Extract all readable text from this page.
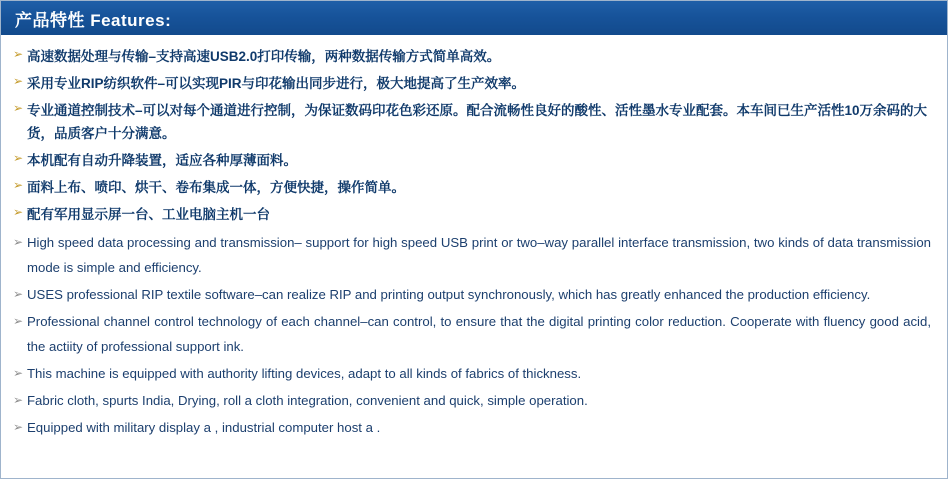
产品特性 Features:
➢ 高速数据处理与传输–支持高速USB2.0打印传输，两种数据传输方式简单高效。
➢ 采用专业RIP纺织软件–可以实现PIR与印花输出同步进行，极大地提高了生产效率。
➢ 专业通道控制技术–可以对每个通道进行控制，为保证数码印花色彩还原。配合流畅性良好的酸性、活性墨水专业配套。本车间已生产活性10万余码的大货，品质客户十分满意。
➢ 本机配有自动升降装置，适应各种厚薄面料。
➢ 面料上布、喷印、烘干、卷布集成一体，方便快捷，操作简单。
➢ 配有军用显示屏一台、工业电脑主机一台
➢ High speed data processing and transmission– support for high speed USB print or two–way parallel interface transmission, two kinds of data transmission mode is simple and efficiency.
➢ USES professional RIP textile software–can realize RIP and printing output synchronously, which has greatly enhanced the production efficiency.
➢ Professional channel control technology of each channel–can control, to ensure that the digital printing color reduction. Cooperate with fluency good acid, the actiity of professional support ink.
➢ This machine is equipped with authority lifting devices, adapt to all kinds of fabrics of thickness.
➢ Fabric cloth, spurts India, Drying, roll a cloth integration, convenient and quick, simple operation.
➢ Equipped with military display a , industrial computer host a .
